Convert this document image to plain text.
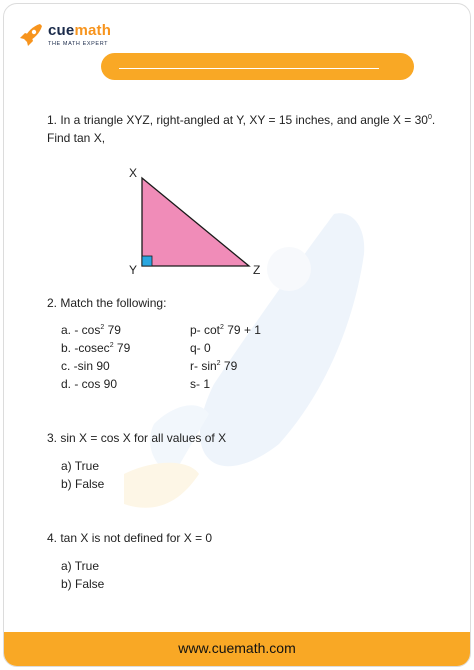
cuemath
THE MATH EXPERT
1. In a triangle XYZ, right-angled at Y, XY = 15 inches, and angle $X = 30^0$.
Find tan X,
2. Match the following:
a. - $\cos^2 79$
b. -cosec$^2$ 79
c. -sin 90
d. - cos 90
p- $\cot^2 79 + 1$
q- 0
r- $\sin^2 79$
s- 1
3. sin X = cos X for all values of X
a) True
b) False
4. tan X is not defined for X = 0
a) True
b) False
X
Y	Z
www.cuemath.com
